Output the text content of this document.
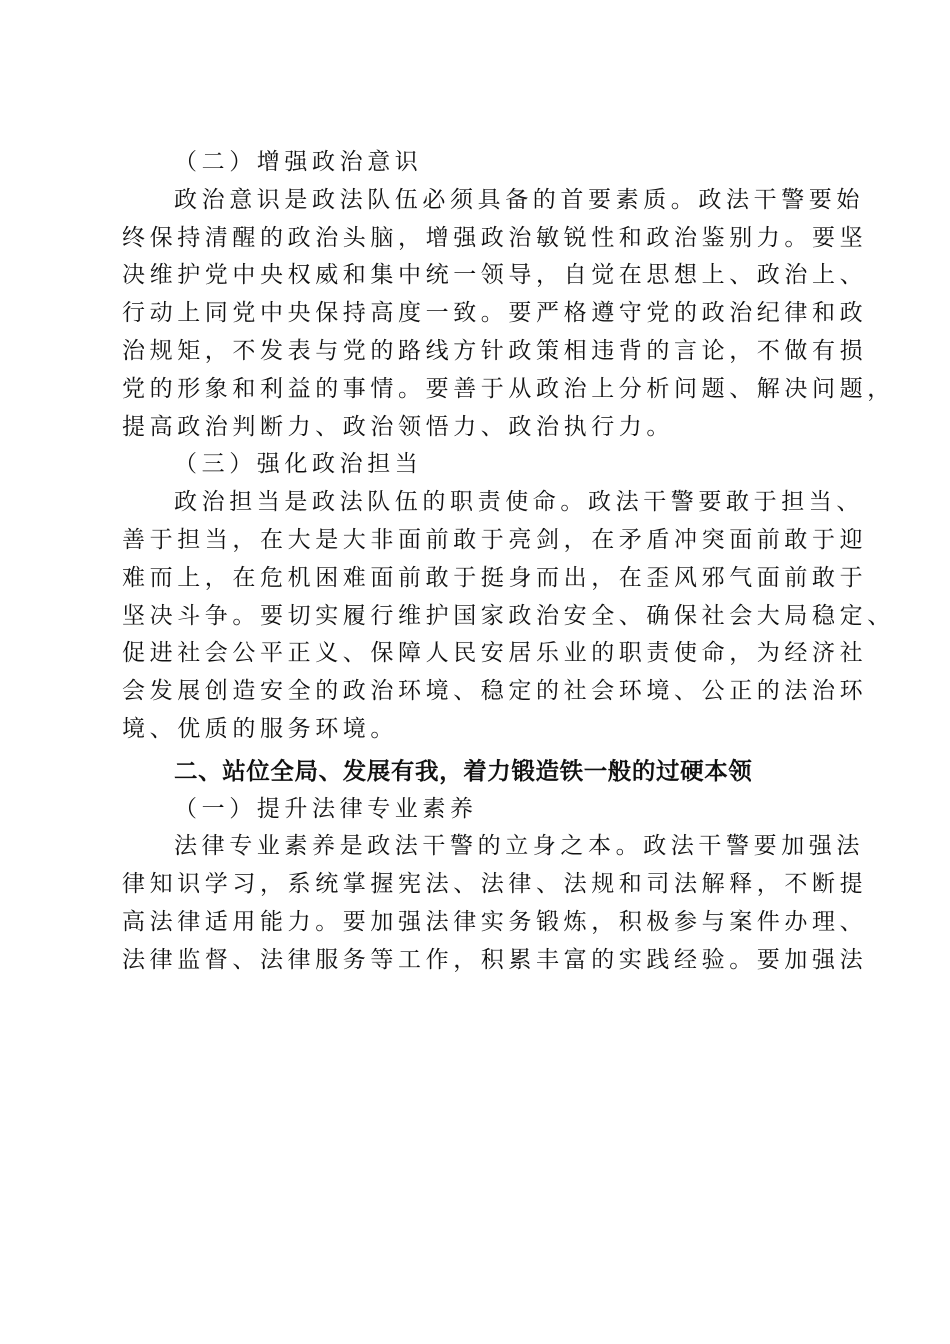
（二）增强政治意识
政治意识是政法队伍必须具备的首要素质。政法干警要始
终保持清醒的政治头脑，增强政治敏锐性和政治鉴别力。要坚
决维护党中央权威和集中统一领导，自觉在思想上、政治上、
行动上同党中央保持高度一致。要严格遵守党的政治纪律和政
治规矩，不发表与党的路线方针政策相违背的言论，不做有损
党的形象和利益的事情。要善于从政治上分析问题、解决问题，
提高政治判断力、政治领悟力、政治执行力。
（三）强化政治担当
政治担当是政法队伍的职责使命。政法干警要敢于担当、
善于担当，在大是大非面前敢于亮剑，在矛盾冲突面前敢于迎
难而上，在危机困难面前敢于挺身而出，在歪风邪气面前敢于
坚决斗争。要切实履行维护国家政治安全、确保社会大局稳定、
促进社会公平正义、保障人民安居乐业的职责使命，为经济社
会发展创造安全的政治环境、稳定的社会环境、公正的法治环
境、优质的服务环境。
二、站位全局、发展有我，着力锻造铁一般的过硬本领
（一）提升法律专业素养
法律专业素养是政法干警的立身之本。政法干警要加强法
律知识学习，系统掌握宪法、法律、法规和司法解释，不断提
高法律适用能力。要加强法律实务锻炼，积极参与案件办理、
法律监督、法律服务等工作，积累丰富的实践经验。要加强法
